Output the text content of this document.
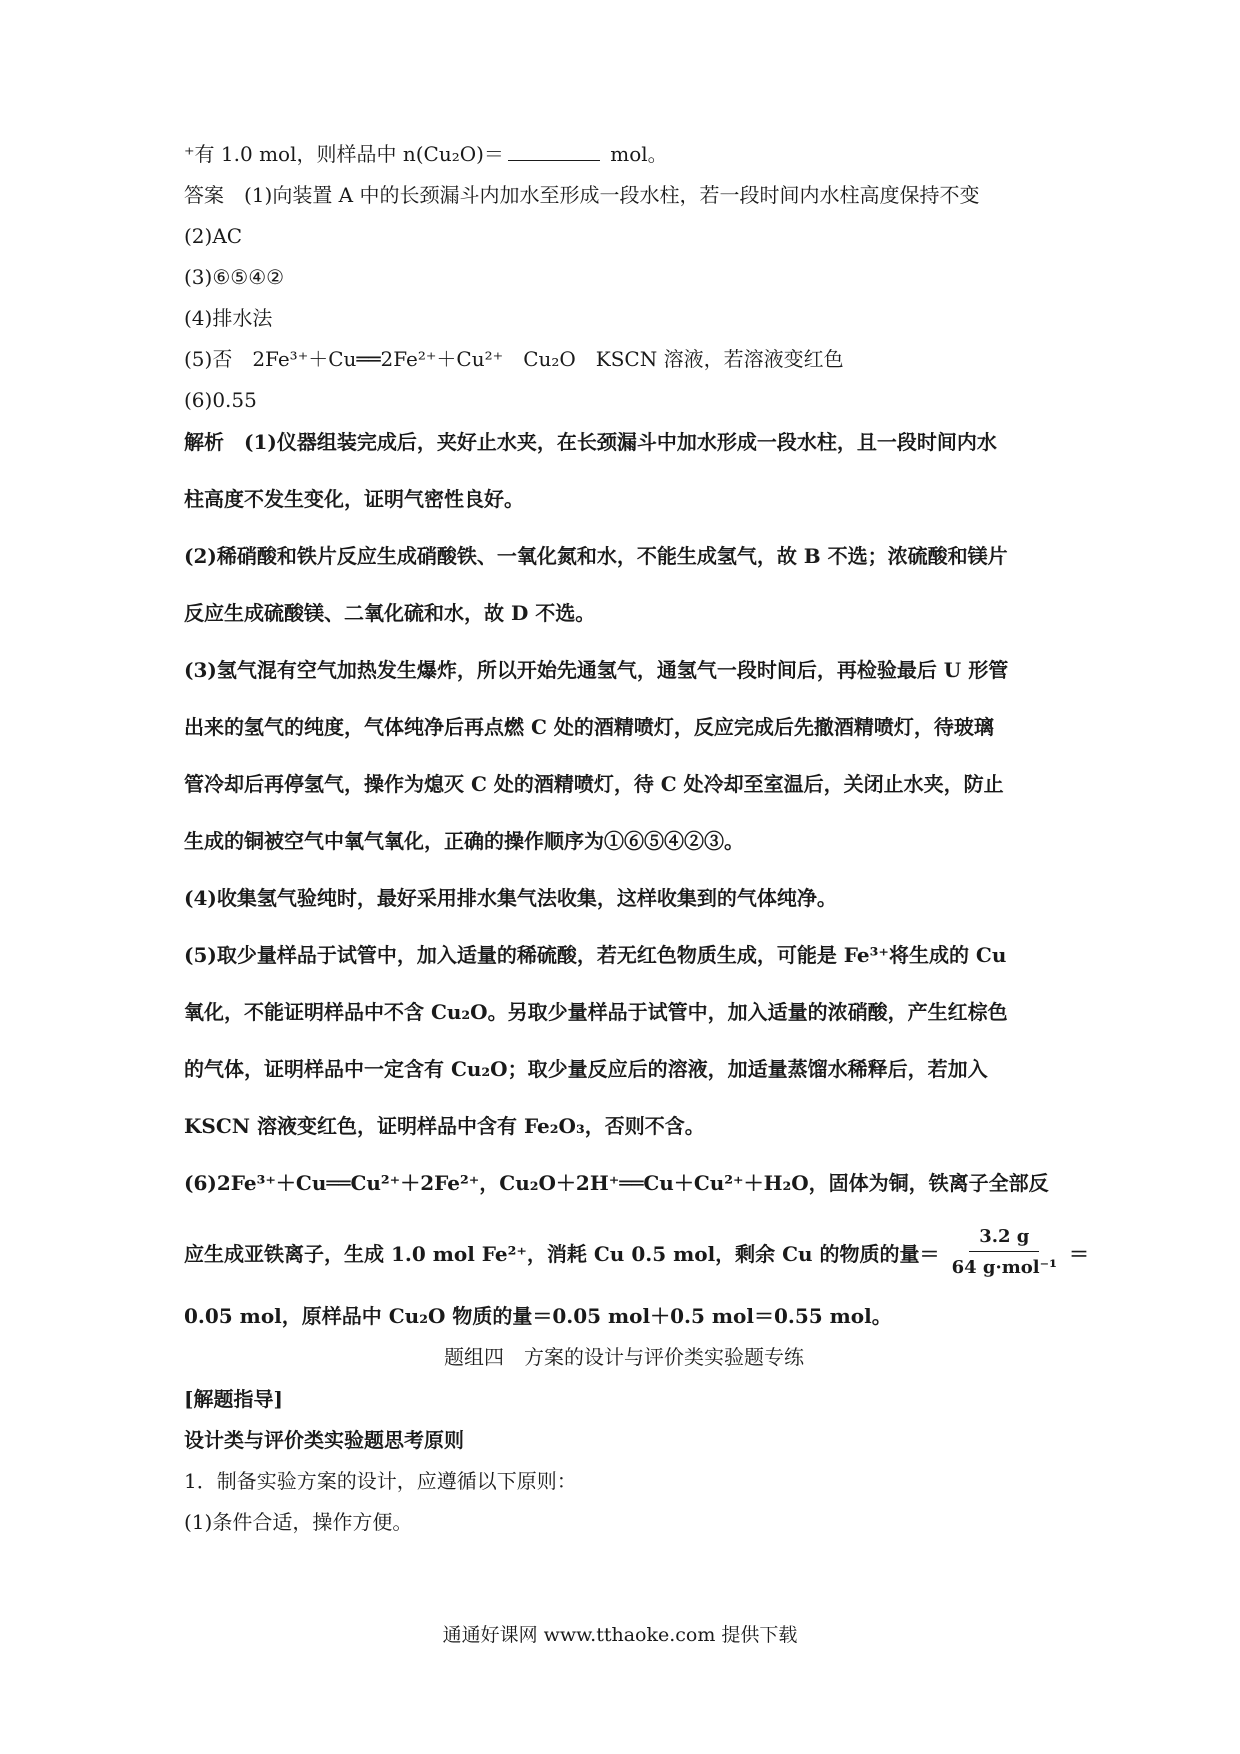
⁺有 1.0 mol，则样品中 n(Cu₂O)＝	mol。
答案　(1)向装置 A 中的长颈漏斗内加水至形成一段水柱，若一段时间内水柱高度保持不变
(2)AC
(3)⑥⑤④②
(4)排水法
(5)否　2Fe³⁺＋Cu══2Fe²⁺＋Cu²⁺　Cu₂O　KSCN 溶液，若溶液变红色
(6)0.55
解析　(1)仪器组装完成后，夹好止水夹，在长颈漏斗中加水形成一段水柱，且一段时间内水
柱高度不发生变化，证明气密性良好。
(2)稀硝酸和铁片反应生成硝酸铁、一氧化氮和水，不能生成氢气，故 B 不选；浓硫酸和镁片
反应生成硫酸镁、二氧化硫和水，故 D 不选。
(3)氢气混有空气加热发生爆炸，所以开始先通氢气，通氢气一段时间后，再检验最后 U 形管
出来的氢气的纯度，气体纯净后再点燃 C 处的酒精喷灯，反应完成后先撤酒精喷灯，待玻璃
管冷却后再停氢气，操作为熄灭 C 处的酒精喷灯，待 C 处冷却至室温后，关闭止水夹，防止
生成的铜被空气中氧气氧化，正确的操作顺序为①⑥⑤④②③。
(4)收集氢气验纯时，最好采用排水集气法收集，这样收集到的气体纯净。
(5)取少量样品于试管中，加入适量的稀硫酸，若无红色物质生成，可能是 Fe³⁺将生成的 Cu
氧化，不能证明样品中不含 Cu₂O。另取少量样品于试管中，加入适量的浓硝酸，产生红棕色
的气体，证明样品中一定含有 Cu₂O；取少量反应后的溶液，加适量蒸馏水稀释后，若加入
KSCN 溶液变红色，证明样品中含有 Fe₂O₃，否则不含。
(6)2Fe³⁺＋Cu══Cu²⁺＋2Fe²⁺，Cu₂O＋2H⁺══Cu＋Cu²⁺＋H₂O，固体为铜，铁离子全部反
应生成亚铁离子，生成 1.0 mol Fe²⁺，消耗 Cu 0.5 mol，剩余 Cu 的物质的量＝ $\frac{3.2 g}{\text{64 g·mol⁻¹}}$ ＝
0.05 mol，原样品中 Cu₂O 物质的量＝0.05 mol＋0.5 mol＝0.55 mol。
题组四　方案的设计与评价类实验题专练
[解题指导]
设计类与评价类实验题思考原则
1．制备实验方案的设计，应遵循以下原则：
(1)条件合适，操作方便。
通通好课网 www.tthaoke.com 提供下载
